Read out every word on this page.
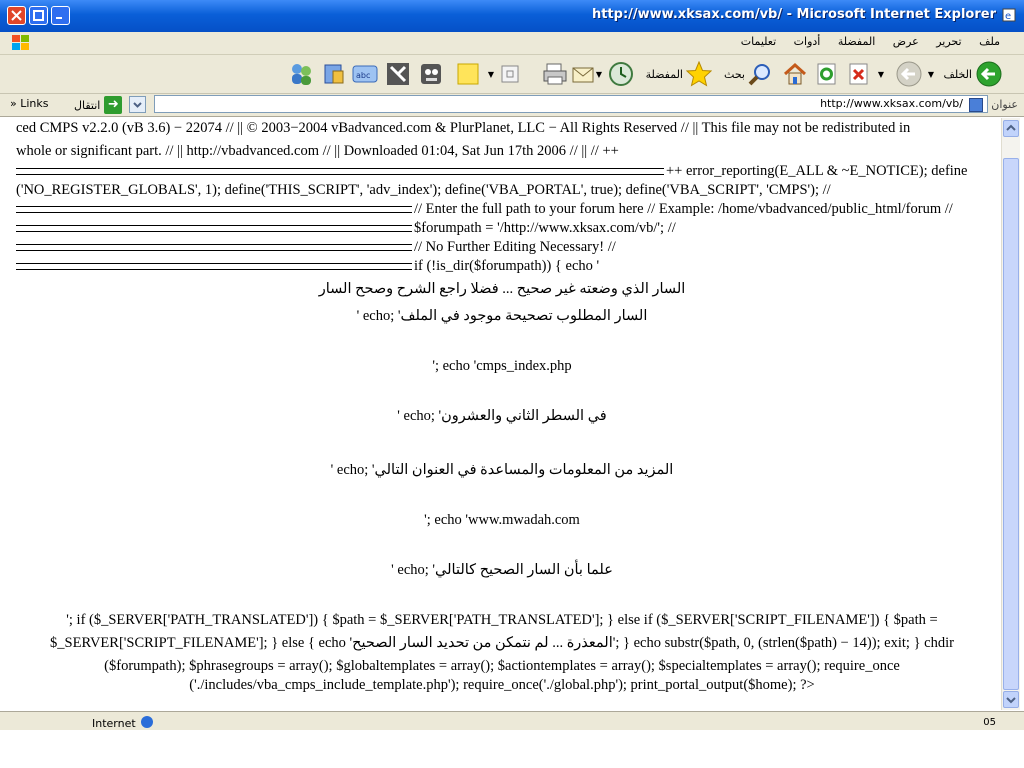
http://www.xksax.com/vb/ - Microsoft Internet Explorer e
ملف تحرير عرض المفضلة أدوات تعليمات
الخلف
▼
▼
بحث
المفضلة
▼
▼
abc
» Links انتقال ➜	http://www.xksax.com/vb/	عنوان
ced CMPS v2.2.0 (vB 3.6) − 22074 // || © 2003−2004 vBadvanced.com & PlurPlanet, LLC − All Rights Reserved // || This file may not be redistributed in
whole or significant part. // || http://vbadvanced.com // || Downloaded 01:04, Sat Jun 17th 2006 // || // ++
++ error_reporting(E_ALL & ~E_NOTICE); define
('NO_REGISTER_GLOBALS', 1); define('THIS_SCRIPT', 'adv_index'); define('VBA_PORTAL', true); define('VBA_SCRIPT', 'CMPS'); //
// Enter the full path to your forum here // Example: /home/vbadvanced/public_html/forum //
$forumpath = '/http://www.xksax.com/vb/'; //
// No Further Editing Necessary! //
if (!is_dir($forumpath)) { echo '
السار الذي وضعته غير صحيح ... فضلا راجع الشرح وصحح السار
السار المطلوب تصحيحة موجود في الملف' ;echo '
'; echo 'cmps_index.php
في السطر الثاني والعشرون' ;echo '
المزيد من المعلومات والمساعدة في العنوان التالي' ;echo '
'; echo 'www.mwadah.com
علما بأن السار الصحيح كالتالي' ;echo '
'; if ($_SERVER['PATH_TRANSLATED']) { $path = $_SERVER['PATH_TRANSLATED']; } else if ($_SERVER['SCRIPT_FILENAME']) { $path =
$_SERVER['SCRIPT_FILENAME']; } else { echo 'المعذرة ... لم نتمكن من تحديد السار الصحيح'; } echo substr($path, 0, (strlen($path) − 14)); exit; } chdir
($forumpath); $phrasegroups = array(); $globaltemplates = array(); $actiontemplates = array(); $specialtemplates = array(); require_once
('./includes/vba_cmps_include_template.php'); require_once('./global.php'); print_portal_output($home); ?>
Internet	05
